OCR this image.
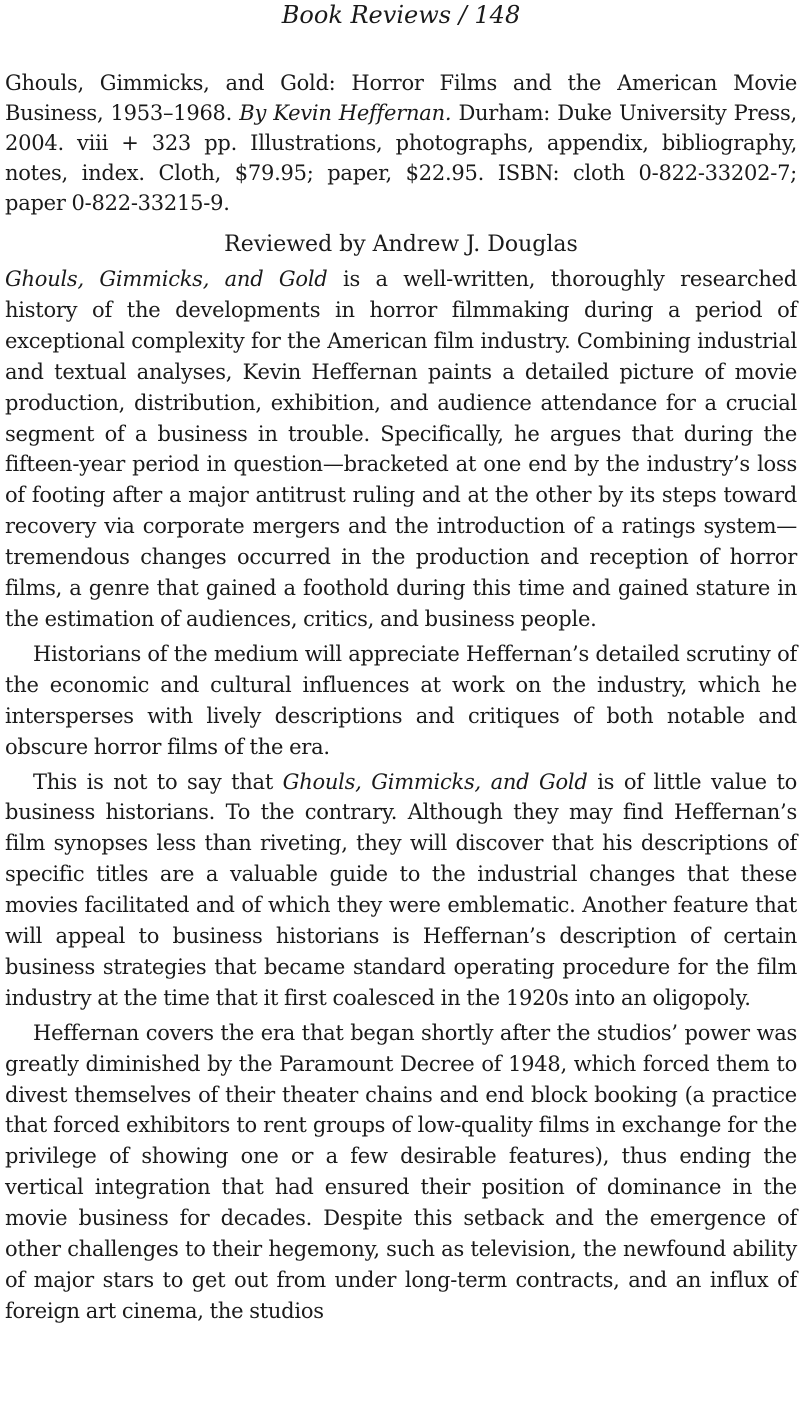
Book Reviews / 148
Ghouls, Gimmicks, and Gold: Horror Films and the American Movie Business, 1953–1968. By Kevin Heffernan. Durham: Duke University Press, 2004. viii + 323 pp. Illustrations, photographs, appendix, bibliography, notes, index. Cloth, $79.95; paper, $22.95. ISBN: cloth 0-822-33202-7; paper 0-822-33215-9.
Reviewed by Andrew J. Douglas

Ghouls, Gimmicks, and Gold is a well-written, thoroughly researched history of the developments in horror filmmaking during a period of exceptional complexity for the American film industry. Combining industrial and textual analyses, Kevin Heffernan paints a detailed picture of movie production, distribution, exhibition, and audience attendance for a crucial segment of a business in trouble. Specifically, he argues that during the fifteen-year period in question—bracketed at one end by the industry’s loss of footing after a major antitrust ruling and at the other by its steps toward recovery via corporate mergers and the introduction of a ratings system—tremendous changes occurred in the production and reception of horror films, a genre that gained a foothold during this time and gained stature in the estimation of audiences, critics, and business people.

Historians of the medium will appreciate Heffernan’s detailed scrutiny of the economic and cultural influences at work on the industry, which he intersperses with lively descriptions and critiques of both notable and obscure horror films of the era.

This is not to say that Ghouls, Gimmicks, and Gold is of little value to business historians. To the contrary. Although they may find Heffernan’s film synopses less than riveting, they will discover that his descriptions of specific titles are a valuable guide to the industrial changes that these movies facilitated and of which they were emblematic. Another feature that will appeal to business historians is Heffernan’s description of certain business strategies that became standard operating procedure for the film industry at the time that it first coalesced in the 1920s into an oligopoly.

Heffernan covers the era that began shortly after the studios’ power was greatly diminished by the Paramount Decree of 1948, which forced them to divest themselves of their theater chains and end block booking (a practice that forced exhibitors to rent groups of low-quality films in exchange for the privilege of showing one or a few desirable features), thus ending the vertical integration that had ensured their position of dominance in the movie business for decades. Despite this setback and the emergence of other challenges to their hegemony, such as television, the newfound ability of major stars to get out from under long-term contracts, and an influx of foreign art cinema, the studios
